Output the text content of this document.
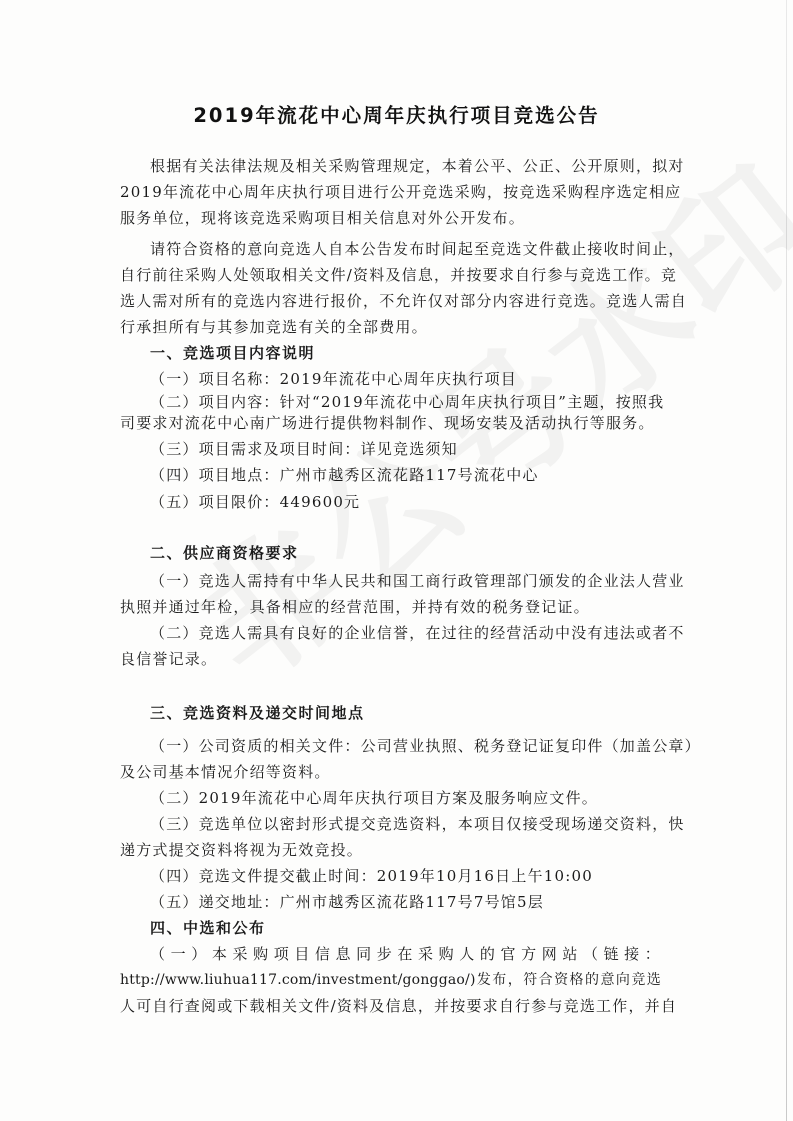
2019年流花中心周年庆执行项目竞选公告
根据有关法律法规及相关采购管理规定，本着公平、公正、公开原则，拟对
2019年流花中心周年庆执行项目进行公开竞选采购，按竞选采购程序选定相应
服务单位，现将该竞选采购项目相关信息对外公开发布。
请符合资格的意向竞选人自本公告发布时间起至竞选文件截止接收时间止，
自行前往采购人处领取相关文件/资料及信息，并按要求自行参与竞选工作。竞
选人需对所有的竞选内容进行报价，不允许仅对部分内容进行竞选。竞选人需自
行承担所有与其参加竞选有关的全部费用。
一、竞选项目内容说明
（一）项目名称：2019年流花中心周年庆执行项目
（二）项目内容：针对“2019年流花中心周年庆执行项目”主题，按照我
司要求对流花中心南广场进行提供物料制作、现场安装及活动执行等服务。
（三）项目需求及项目时间：详见竞选须知
（四）项目地点：广州市越秀区流花路117号流花中心
（五）项目限价：449600元
二、供应商资格要求
（一）竞选人需持有中华人民共和国工商行政管理部门颁发的企业法人营业
执照并通过年检，具备相应的经营范围，并持有效的税务登记证。
（二）竞选人需具有良好的企业信誉，在过往的经营活动中没有违法或者不
良信誉记录。
三、竞选资料及递交时间地点
（一）公司资质的相关文件：公司营业执照、税务登记证复印件（加盖公章）
及公司基本情况介绍等资料。
（二）2019年流花中心周年庆执行项目方案及服务响应文件。
（三）竞选单位以密封形式提交竞选资料，本项目仅接受现场递交资料，快
递方式提交资料将视为无效竞投。
（四）竞选文件提交截止时间：2019年10月16日上午10:00
（五）递交地址：广州市越秀区流花路117号7号馆5层
四、中选和公布
（一）本采购项目信息同步在采购人的官方网站（链接：
http://www.liuhua117.com/investment/gonggao/)发布，符合资格的意向竞选
人可自行查阅或下载相关文件/资料及信息，并按要求自行参与竞选工作，并自
